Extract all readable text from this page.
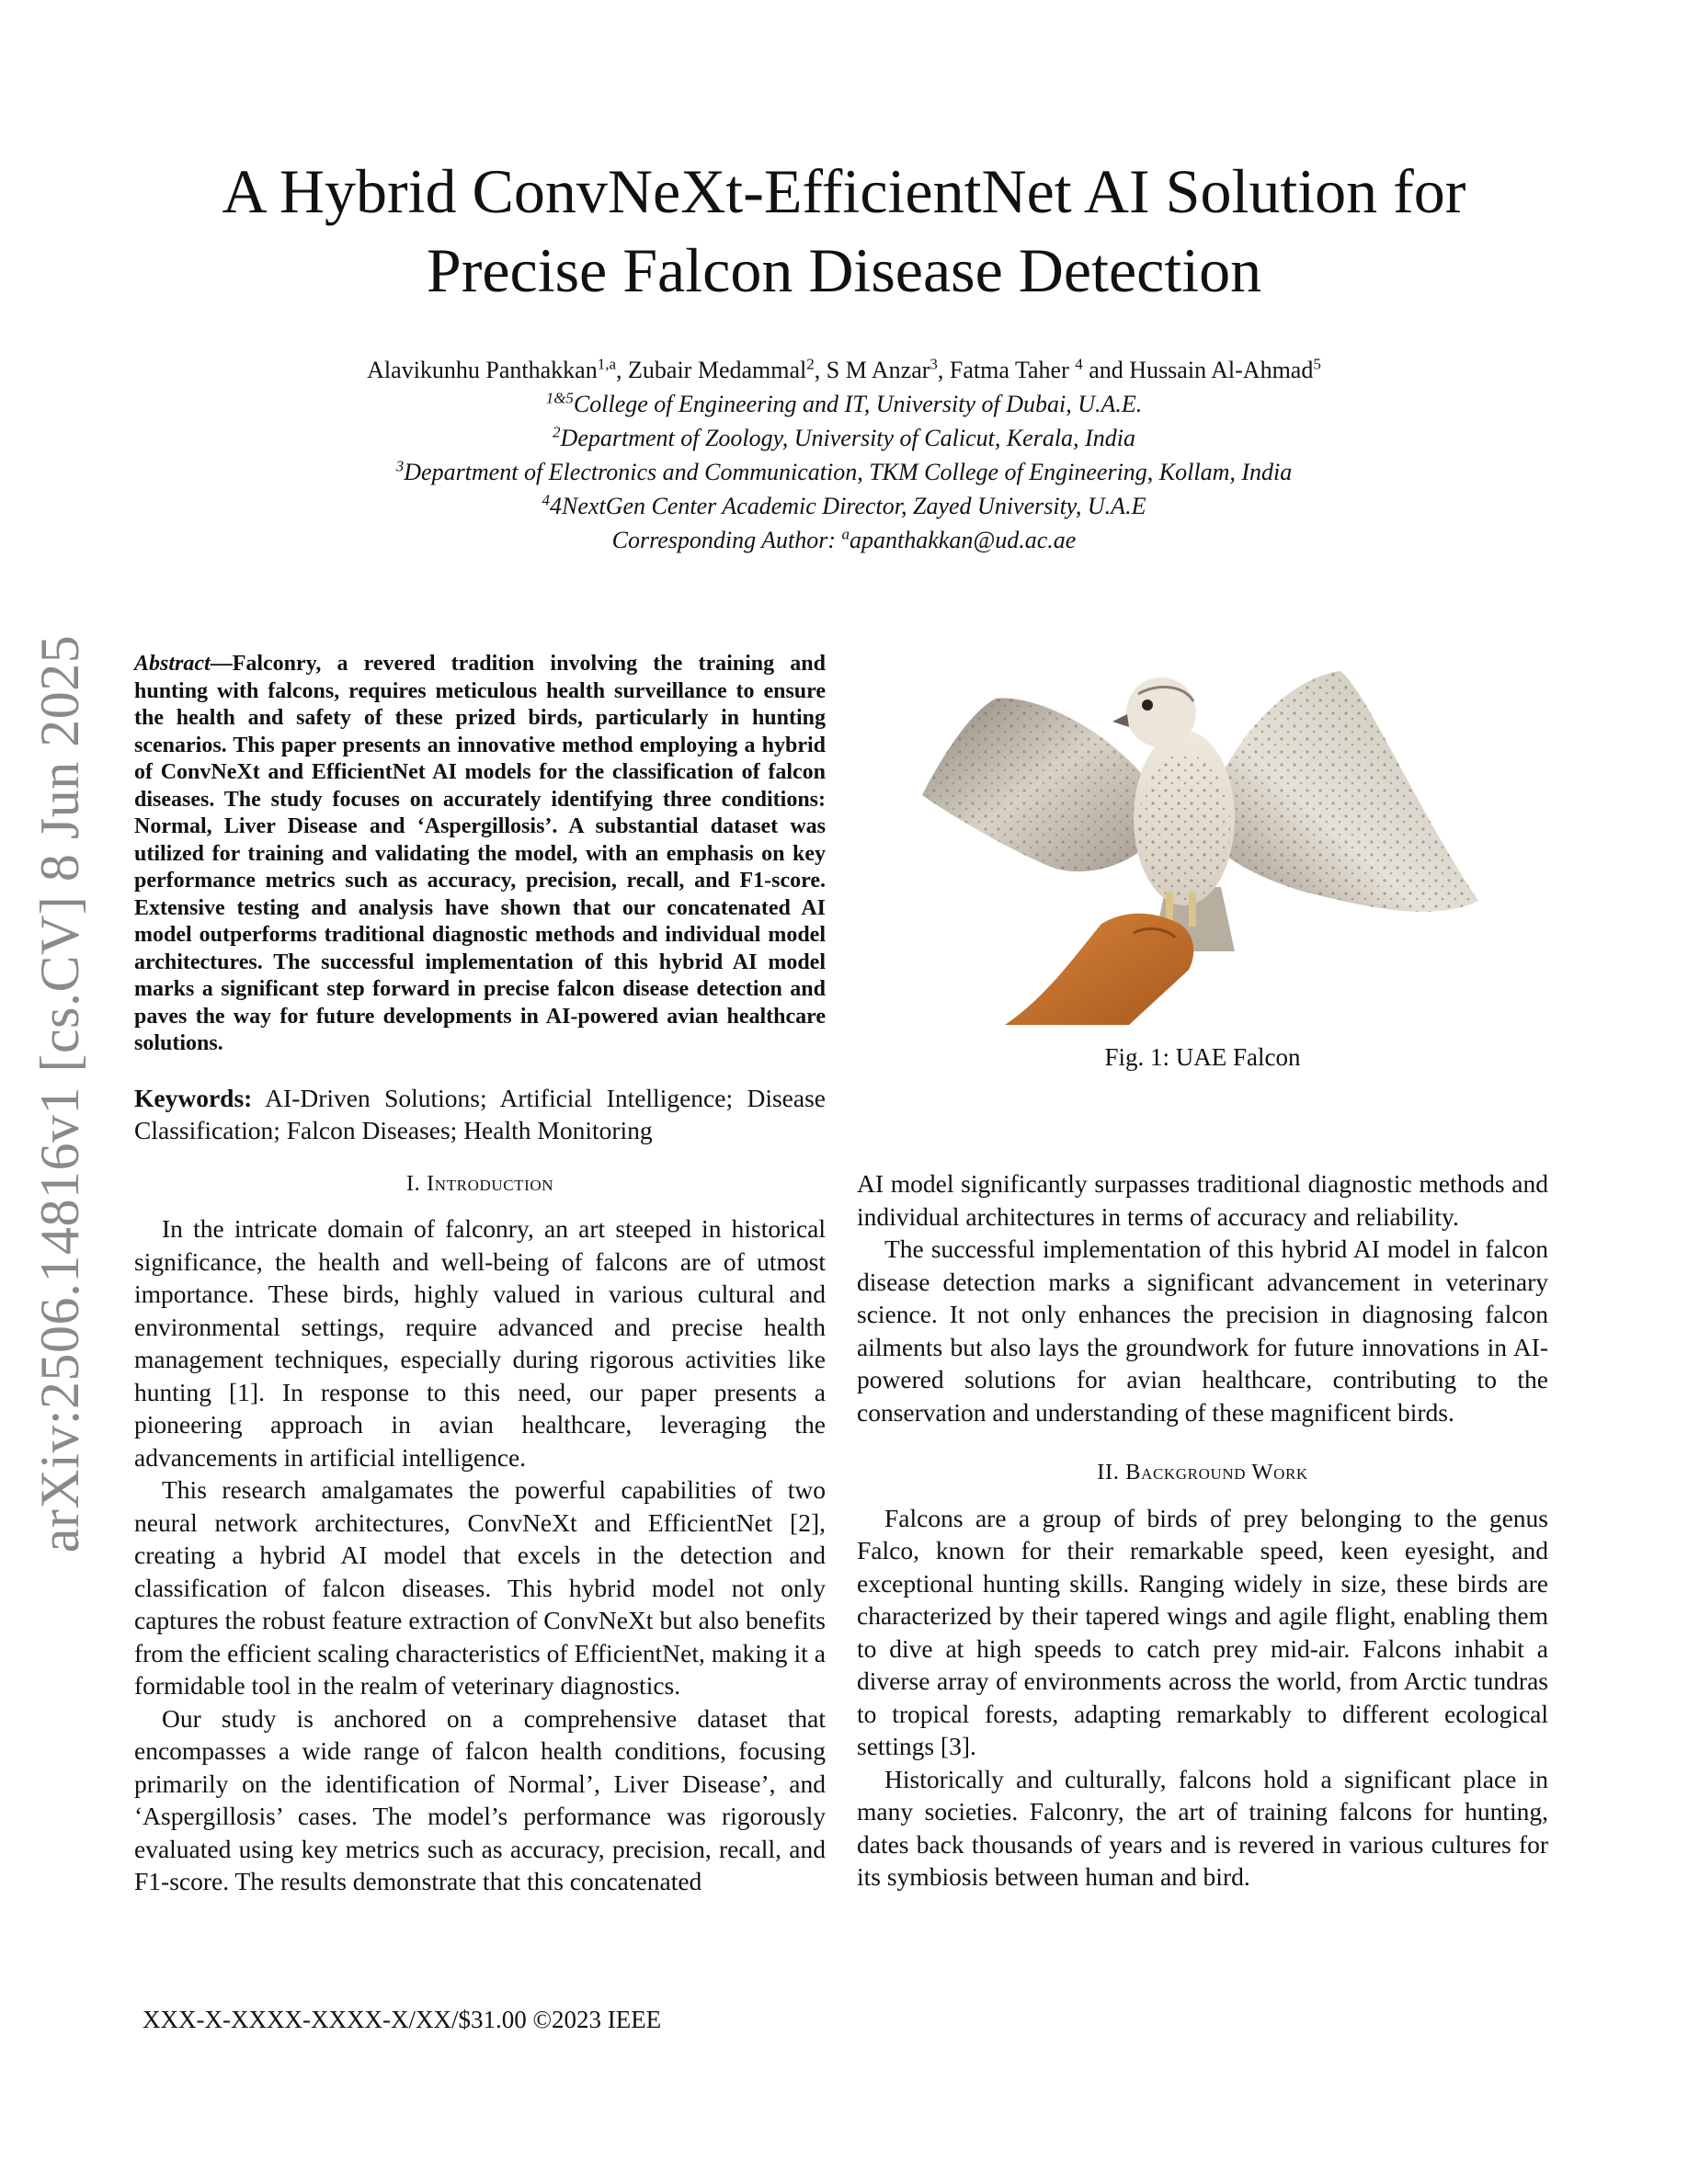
arXiv:2506.14816v1 [cs.CV] 8 Jun 2025
A Hybrid ConvNeXt-EfficientNet AI Solution for
Precise Falcon Disease Detection
Alavikunhu Panthakkan$^{1,a}$, Zubair Medammal$^2$, S M Anzar$^3$, Fatma Taher $^4$ and Hussain Al-Ahmad$^5$
$^{1\&5}$College of Engineering and IT, University of Dubai, U.A.E.
$^2$Department of Zoology, University of Calicut, Kerala, India
$^3$Department of Electronics and Communication, TKM College of Engineering, Kollam, India
$^4$4NextGen Center Academic Director, Zayed University, U.A.E
Corresponding Author: $^a$apanthakkan@ud.ac.ae

Abstract—Falconry, a revered tradition involving the training and hunting with falcons, requires meticulous health surveillance to ensure the health and safety of these prized birds, particularly in hunting scenarios. This paper presents an innovative method employing a hybrid of ConvNeXt and EfficientNet AI models for the classification of falcon diseases. The study focuses on accurately identifying three conditions: Normal, Liver Disease and ‘Aspergillosis’. A substantial dataset was utilized for training and validating the model, with an emphasis on key performance metrics such as accuracy, precision, recall, and F1-score. Extensive testing and analysis have shown that our concatenated AI model outperforms traditional diagnostic methods and individual model architectures. The successful implementation of this hybrid AI model marks a significant step forward in precise falcon disease detection and paves the way for future developments in AI-powered avian healthcare solutions.

Keywords: AI-Driven Solutions; Artificial Intelligence; Disease Classification; Falcon Diseases; Health Monitoring

I. Introduction

In the intricate domain of falconry, an art steeped in historical significance, the health and well-being of falcons are of utmost importance. These birds, highly valued in various cultural and environmental settings, require advanced and precise health management techniques, especially during rigorous activities like hunting [1]. In response to this need, our paper presents a pioneering approach in avian healthcare, leveraging the advancements in artificial intelligence.

This research amalgamates the powerful capabilities of two neural network architectures, ConvNeXt and EfficientNet [2], creating a hybrid AI model that excels in the detection and classification of falcon diseases. This hybrid model not only captures the robust feature extraction of ConvNeXt but also benefits from the efficient scaling characteristics of EfficientNet, making it a formidable tool in the realm of veterinary diagnostics.

Our study is anchored on a comprehensive dataset that encompasses a wide range of falcon health conditions, focusing primarily on the identification of Normal’, Liver Disease’, and ‘Aspergillosis’ cases. The model’s performance was rigorously evaluated using key metrics such as accuracy, precision, recall, and F1-score. The results demonstrate that this concatenated

Fig. 1: UAE Falcon

AI model significantly surpasses traditional diagnostic methods and individual architectures in terms of accuracy and reliability.

The successful implementation of this hybrid AI model in falcon disease detection marks a significant advancement in veterinary science. It not only enhances the precision in diagnosing falcon ailments but also lays the groundwork for future innovations in AI-powered solutions for avian healthcare, contributing to the conservation and understanding of these magnificent birds.

II. Background Work

Falcons are a group of birds of prey belonging to the genus Falco, known for their remarkable speed, keen eyesight, and exceptional hunting skills. Ranging widely in size, these birds are characterized by their tapered wings and agile flight, enabling them to dive at high speeds to catch prey mid-air. Falcons inhabit a diverse array of environments across the world, from Arctic tundras to tropical forests, adapting remarkably to different ecological settings [3].

Historically and culturally, falcons hold a significant place in many societies. Falconry, the art of training falcons for hunting, dates back thousands of years and is revered in various cultures for its symbiosis between human and bird.

XXX-X-XXXX-XXXX-X/XX/$31.00 ©2023 IEEE
